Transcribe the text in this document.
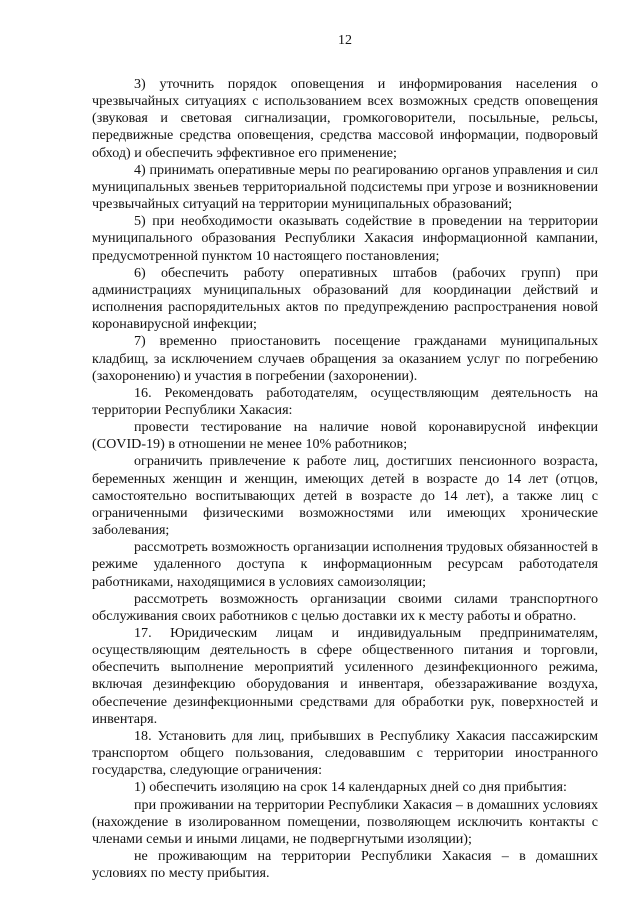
12

3) уточнить порядок оповещения и информирования населения о чрезвычайных ситуациях с использованием всех возможных средств оповещения (звуковая и световая сигнализации, громкоговорители, посыльные, рельсы, передвижные средства оповещения, средства массовой информации, подворовый обход) и обеспечить эффективное его применение;

4) принимать оперативные меры по реагированию органов управления и сил муниципальных звеньев территориальной подсистемы при угрозе и возникновении чрезвычайных ситуаций на территории муниципальных образований;

5) при необходимости оказывать содействие в проведении на территории муниципального образования Республики Хакасия информационной кампании, предусмотренной пунктом 10 настоящего постановления;

6) обеспечить работу оперативных штабов (рабочих групп) при администрациях муниципальных образований для координации действий и исполнения распорядительных актов по предупреждению распространения новой коронавирусной инфекции;

7) временно приостановить посещение гражданами муниципальных кладбищ, за исключением случаев обращения за оказанием услуг по погребению (захоронению) и участия в погребении (захоронении).

16. Рекомендовать работодателям, осуществляющим деятельность на территории Республики Хакасия:

провести тестирование на наличие новой коронавирусной инфекции (COVID-19) в отношении не менее 10% работников;

ограничить привлечение к работе лиц, достигших пенсионного возраста, беременных женщин и женщин, имеющих детей в возрасте до 14 лет (отцов, самостоятельно воспитывающих детей в возрасте до 14 лет), а также лиц с ограниченными физическими возможностями или имеющих хронические заболевания;

рассмотреть возможность организации исполнения трудовых обязанностей в режиме удаленного доступа к информационным ресурсам работодателя работниками, находящимися в условиях самоизоляции;

рассмотреть возможность организации своими силами транспортного обслуживания своих работников с целью доставки их к месту работы и обратно.

17. Юридическим лицам и индивидуальным предпринимателям, осуществляющим деятельность в сфере общественного питания и торговли, обеспечить выполнение мероприятий усиленного дезинфекционного режима, включая дезинфекцию оборудования и инвентаря, обеззараживание воздуха, обеспечение дезинфекционными средствами для обработки рук, поверхностей и инвентаря.

18. Установить для лиц, прибывших в Республику Хакасия пассажирским транспортом общего пользования, следовавшим с территории иностранного государства, следующие ограничения:

1) обеспечить изоляцию на срок 14 календарных дней со дня прибытия:

при проживании на территории Республики Хакасия – в домашних условиях (нахождение в изолированном помещении, позволяющем исключить контакты с членами семьи и иными лицами, не подвергнутыми изоляции);

не проживающим на территории Республики Хакасия – в домашних условиях по месту прибытия.
